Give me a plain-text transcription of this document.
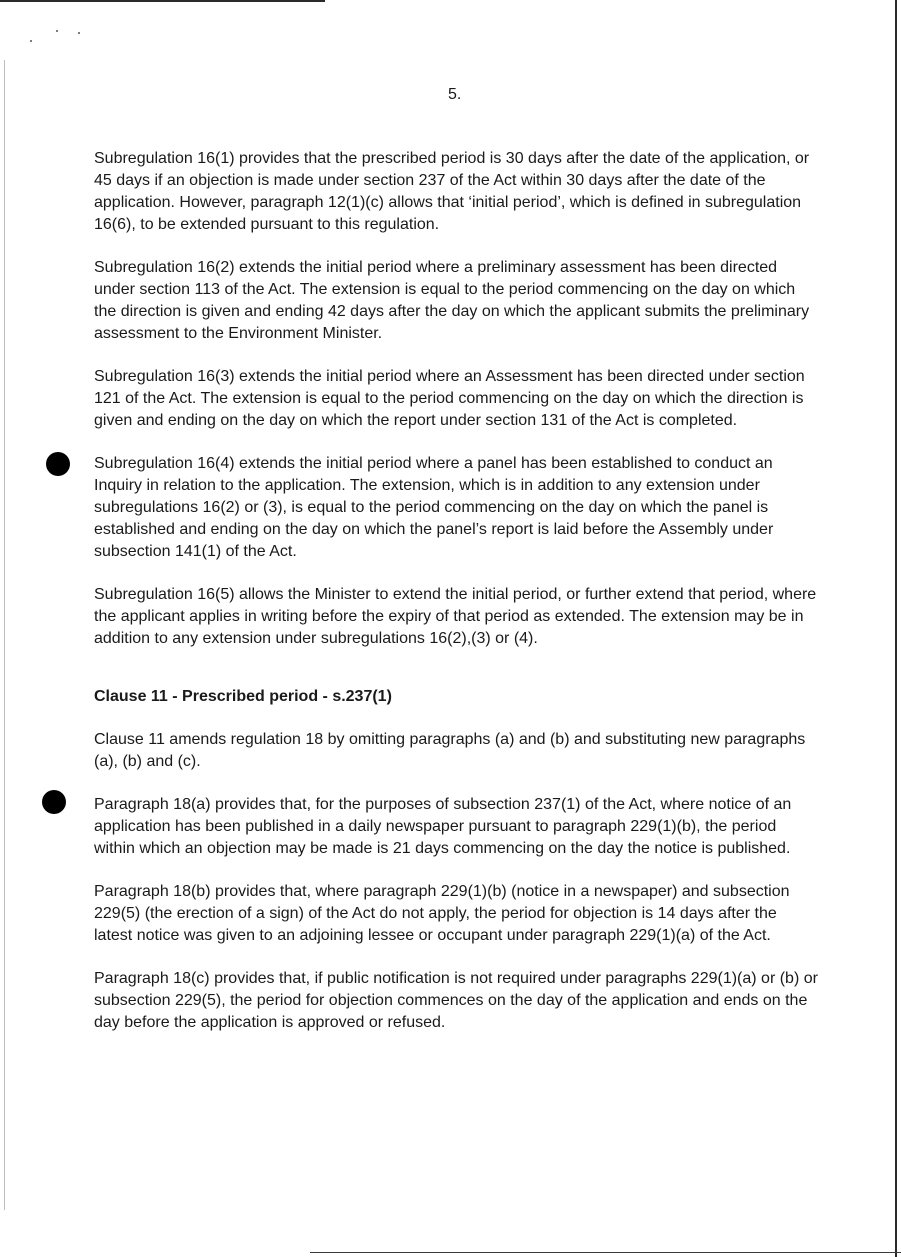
5.

Subregulation 16(1) provides that the prescribed period is 30 days after the date of the application, or 45 days if an objection is made under section 237 of the Act within 30 days after the date of the application. However, paragraph 12(1)(c) allows that ‘initial period’, which is defined in subregulation 16(6), to be extended pursuant to this regulation.

Subregulation 16(2) extends the initial period where a preliminary assessment has been directed under section 113 of the Act. The extension is equal to the period commencing on the day on which the direction is given and ending 42 days after the day on which the applicant submits the preliminary assessment to the Environment Minister.

Subregulation 16(3) extends the initial period where an Assessment has been directed under section 121 of the Act. The extension is equal to the period commencing on the day on which the direction is given and ending on the day on which the report under section 131 of the Act is completed.

Subregulation 16(4) extends the initial period where a panel has been established to conduct an Inquiry in relation to the application. The extension, which is in addition to any extension under subregulations 16(2) or (3), is equal to the period commencing on the day on which the panel is established and ending on the day on which the panel’s report is laid before the Assembly under subsection 141(1) of the Act.

Subregulation 16(5) allows the Minister to extend the initial period, or further extend that period, where the applicant applies in writing before the expiry of that period as extended. The extension may be in addition to any extension under subregulations 16(2),(3) or (4).

Clause 11 - Prescribed period - s.237(1)

Clause 11 amends regulation 18 by omitting paragraphs (a) and (b) and substituting new paragraphs (a), (b) and (c).

Paragraph 18(a) provides that, for the purposes of subsection 237(1) of the Act, where notice of an application has been published in a daily newspaper pursuant to paragraph 229(1)(b), the period within which an objection may be made is 21 days commencing on the day the notice is published.

Paragraph 18(b) provides that, where paragraph 229(1)(b) (notice in a newspaper) and subsection 229(5) (the erection of a sign) of the Act do not apply, the period for objection is 14 days after the latest notice was given to an adjoining lessee or occupant under paragraph 229(1)(a) of the Act.

Paragraph 18(c) provides that, if public notification is not required under paragraphs 229(1)(a) or (b) or subsection 229(5), the period for objection commences on the day of the application and ends on the day before the application is approved or refused.
